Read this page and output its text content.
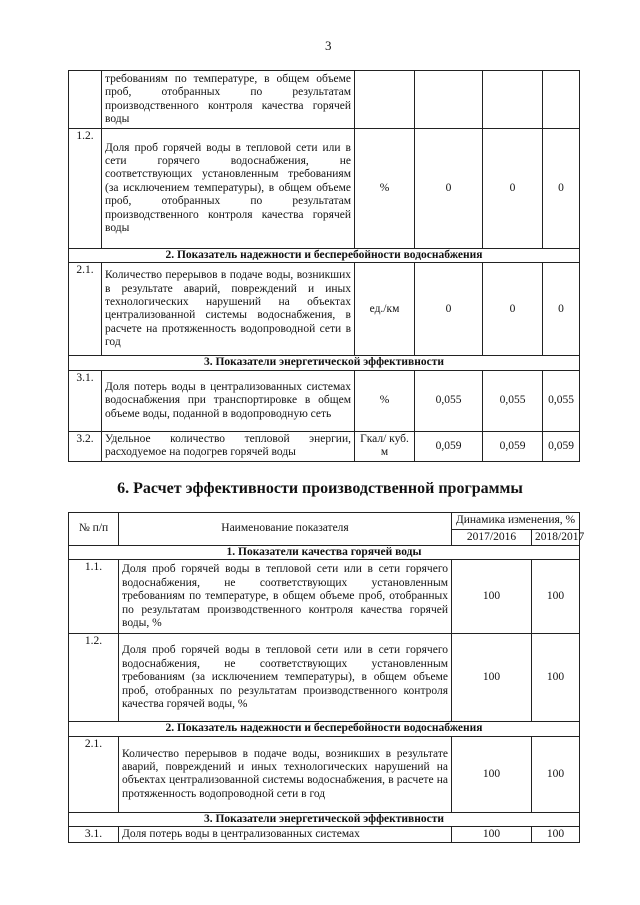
3
	требованиям по температуре, в общем объеме проб, отобранных по результатам производственного контроля качества горячей воды				
1.2.	Доля проб горячей воды в тепловой сети или в сети горячего водоснабжения, не соответствующих установленным требованиям (за исключением температуры), в общем объеме проб, отобранных по результатам производственного контроля качества горячей воды	%	0	0	0
2. Показатель надежности и бесперебойности водоснабжения					
2.1.	Количество перерывов в подаче воды, возникших в результате аварий, повреждений и иных технологических нарушений на объектах централизованной системы водоснабжения, в расчете на протяженность водопроводной сети в год	ед./км	0	0	0
3. Показатели энергетической эффективности					
3.1.	Доля потерь воды в централизованных системах водоснабжения при транспортировке в общем объеме воды, поданной в водопроводную сеть	%	0,055	0,055	0,055
3.2.	Удельное количество тепловой энергии, расходуемое на подогрев горячей воды	Гкал/ куб. м	0,059	0,059	0,059
6. Расчет эффективности производственной программы
№ п/п	Наименование показателя	Динамика изменения, %	
		2017/2016	2018/2017
1. Показатели качества горячей воды			
1.1.	Доля проб горячей воды в тепловой сети или в сети горячего водоснабжения, не соответствующих установленным требованиям по температуре, в общем объеме проб, отобранных по результатам производственного контроля качества горячей воды, %	100	100
1.2.	Доля проб горячей воды в тепловой сети или в сети горячего водоснабжения, не соответствующих установленным требованиям (за исключением температуры), в общем объеме проб, отобранных по результатам производственного контроля качества горячей воды, %	100	100
2. Показатель надежности и бесперебойности водоснабжения			
2.1.	Количество перерывов в подаче воды, возникших в результате аварий, повреждений и иных технологических нарушений на объектах централизованной системы водоснабжения, в расчете на протяженность водопроводной сети в год	100	100
3. Показатели энергетической эффективности			
3.1.	Доля потерь воды в централизованных системах	100	100
